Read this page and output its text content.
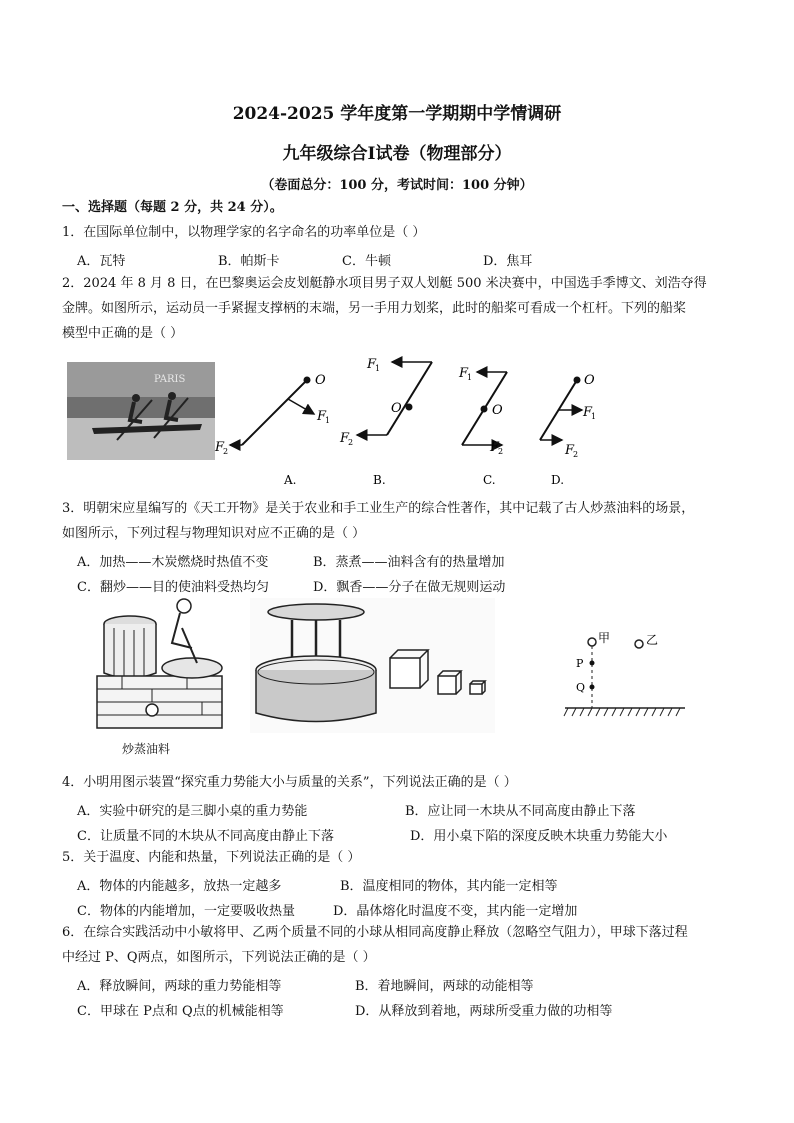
2024-2025 学年度第一学期期中学情调研
九年级综合Ⅰ试卷（物理部分）
（卷面总分：100 分，考试时间：100 分钟）
一、选择题（每题 2 分，共 24 分）。
1．在国际单位制中，以物理学家的名字命名的功率单位是（ ）
A．瓦特	B．帕斯卡	C．牛顿	D．焦耳
2．2024 年 8 月 8 日，在巴黎奥运会皮划艇静水项目男子双人划艇 500 米决赛中，中国选手季博文、刘浩夺得
金牌。如图所示，运动员一手紧握支撑柄的末端，另一手用力划桨，此时的船桨可看成一个杠杆。下列的船桨
模型中正确的是（ ）
PARIS	O
F
1
F
2
A.
O
F
1
F
2
B.
O
F
1
F
2
C.
O
F
1
F
2
D.
3．明朝宋应星编写的《天工开物》是关于农业和手工业生产的综合性著作，其中记载了古人炒蒸油料的场景，
如图所示，下列过程与物理知识对应不正确的是（ ）
A．加热——木炭燃烧时热值不变	B．蒸煮——油料含有的热量增加
C．翻炒——目的使油料受热均匀	D．飘香——分子在做无规则运动
炒蒸油料
甲	乙
P
Q
4．小明用图示装置“探究重力势能大小与质量的关系”，下列说法正确的是（ ）
A．实验中研究的是三脚小桌的重力势能	B．应让同一木块从不同高度由静止下落
C．让质量不同的木块从不同高度由静止下落	D．用小桌下陷的深度反映木块重力势能大小
5．关于温度、内能和热量，下列说法正确的是（ ）
A．物体的内能越多，放热一定越多	B．温度相同的物体，其内能一定相等
C．物体的内能增加，一定要吸收热量	D．晶体熔化时温度不变，其内能一定增加
6．在综合实践活动中小敏将甲、乙两个质量不同的小球从相同高度静止释放（忽略空气阻力），甲球下落过程
中经过 P、Q两点，如图所示，下列说法正确的是（ ）
A．释放瞬间，两球的重力势能相等	B．着地瞬间，两球的动能相等
C．甲球在 P点和 Q点的机械能相等	D．从释放到着地，两球所受重力做的功相等
